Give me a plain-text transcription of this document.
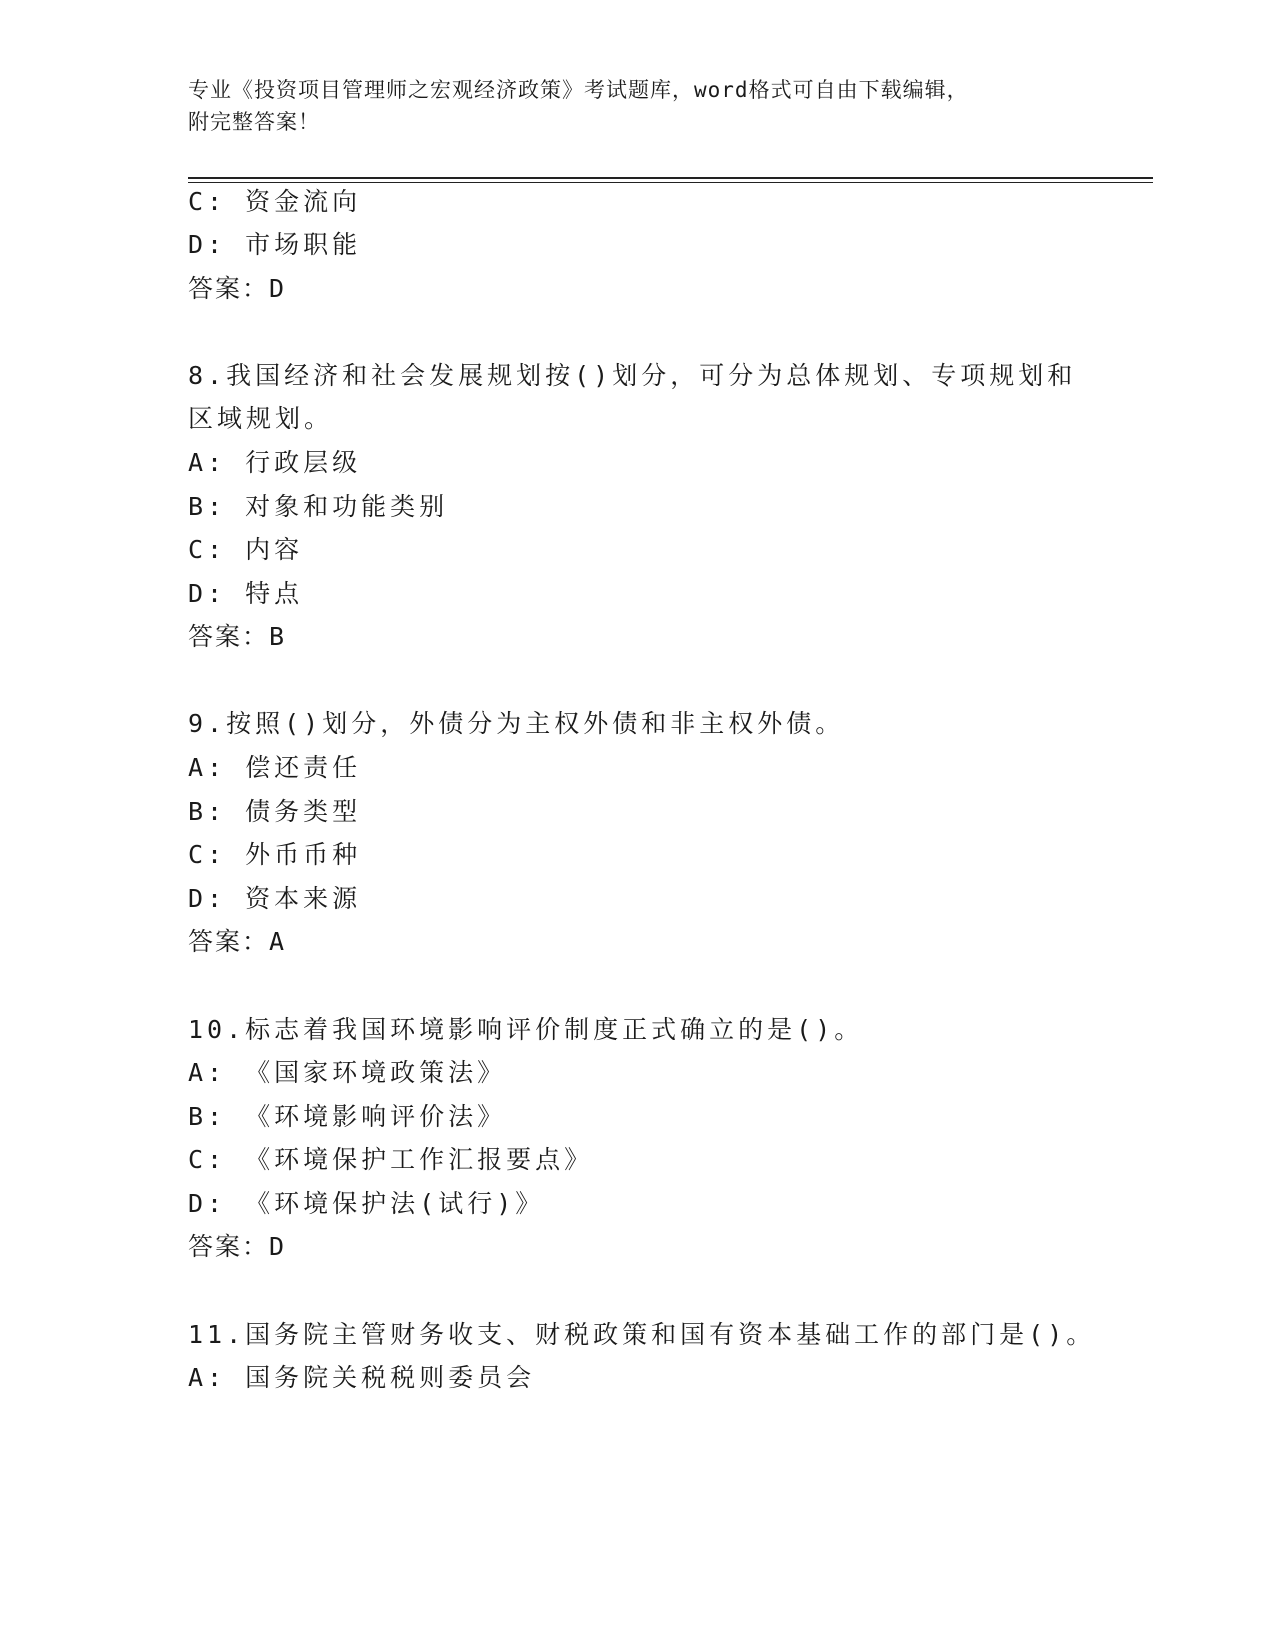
专业《投资项目管理师之宏观经济政策》考试题库，word格式可自由下载编辑，
附完整答案！
C: 资金流向
D: 市场职能
答案：D
8.我国经济和社会发展规划按()划分，可分为总体规划、专项规划和
区域规划。
A: 行政层级
B: 对象和功能类别
C: 内容
D: 特点
答案：B
9.按照()划分，外债分为主权外债和非主权外债。
A: 偿还责任
B: 债务类型
C: 外币币种
D: 资本来源
答案：A
10.标志着我国环境影响评价制度正式确立的是()。
A: 《国家环境政策法》
B: 《环境影响评价法》
C: 《环境保护工作汇报要点》
D: 《环境保护法(试行)》
答案：D
11.国务院主管财务收支、财税政策和国有资本基础工作的部门是()。
A: 国务院关税税则委员会
